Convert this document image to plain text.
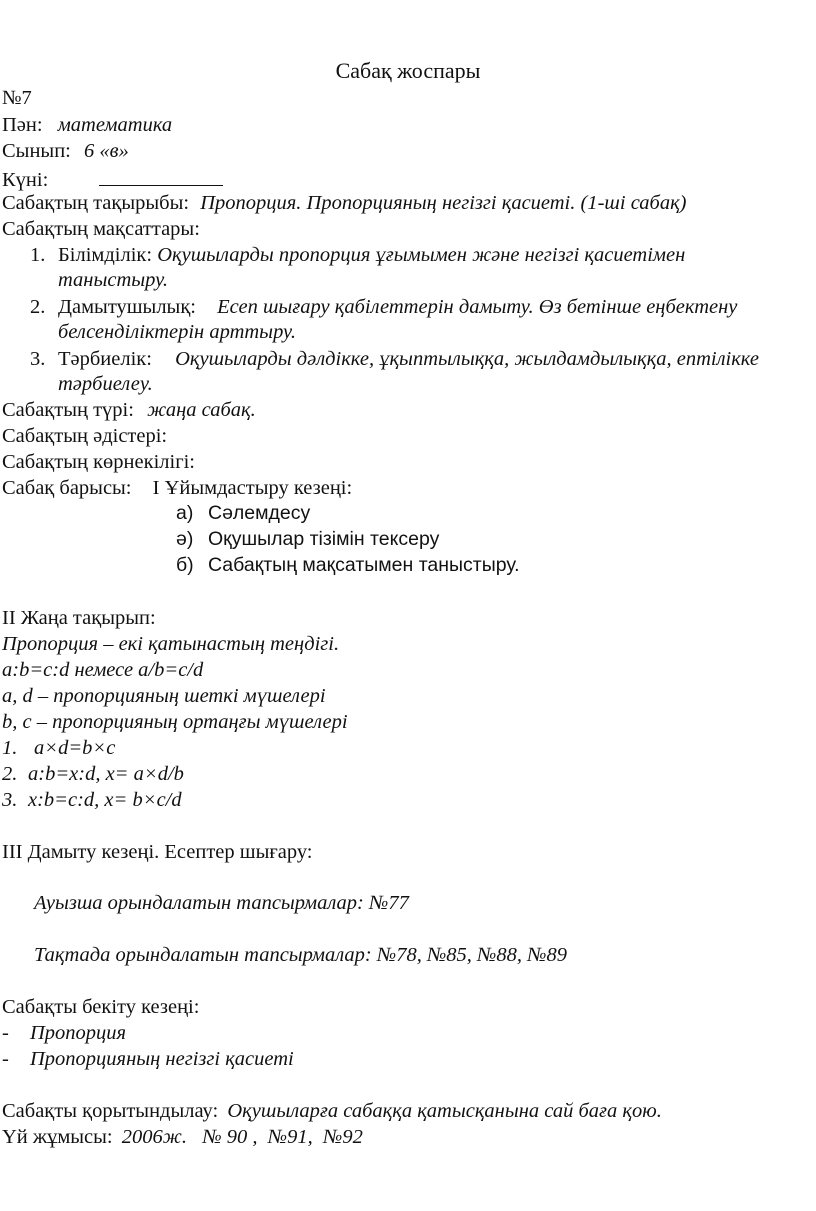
Сабақ жоспары
№7
Пән: математика
Сынып: 6 «в»
Күні:
Сабақтың тақырыбы: Пропорция. Пропорцияның негізгі қасиеті. (1-ші сабақ)
Сабақтың мақсаттары:
1. Білімділік: Оқушыларды пропорция ұғымымен және негізгі қасиетімен
таныстыру.
2. Дамытушылық: Есеп шығару қабілеттерін дамыту. Өз бетінше еңбектену
белсенділіктерін арттыру.
3. Тәрбиелік: Оқушыларды дәлдікке, ұқыптылыққа, жылдамдылыққа, ептілікке
тәрбиелеу.
Сабақтың түрі: жаңа сабақ.
Сабақтың әдістері:
Сабақтың көрнекілігі:
Сабақ барысы: І Ұйымдастыру кезеңі:
а) Сәлемдесу
ә) Оқушылар тізімін тексеру
б) Сабақтың мақсатымен таныстыру.
ІІ Жаңа тақырып:
Пропорция – екі қатынастың теңдігі.
a:b=c:d немесе a/b=c/d
a, d – пропорцияның шеткі мүшелері
b, c – пропорцияның ортаңғы мүшелері
1. a×d=b×c
2. a:b=x:d, x= a×d/b
3. x:b=c:d, x= b×c/d
ІІІ Дамыту кезеңі. Есептер шығару:
Ауызша орындалатын тапсырмалар: №77
Тақтада орындалатын тапсырмалар: №78, №85, №88, №89
Сабақты бекіту кезеңі:
- Пропорция
- Пропорцияның негізгі қасиеті
Сабақты қорытындылау: Оқушыларға сабаққа қатысқанына сай баға қою.
Үй жұмысы: 2006ж.   № 90 ,  №91,  №92
